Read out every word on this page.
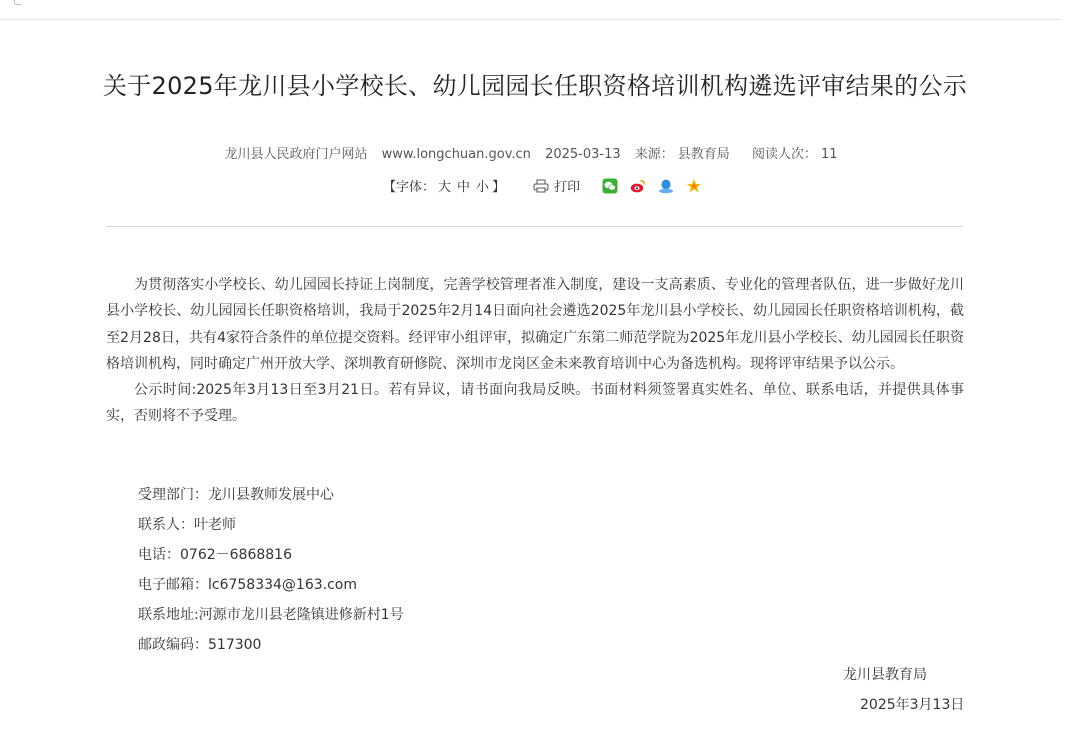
关于2025年龙川县小学校长、幼儿园园长任职资格培训机构遴选评审结果的公示
龙川县人民政府门户网站 www.longchuan.gov.cn 2025-03-13 来源： 县教育局 阅读人次： 11
【字体： 大 中 小 】	打印

为贯彻落实小学校长、幼儿园园长持证上岗制度，完善学校管理者准入制度，建设一支高素质、专业化的管理者队伍，进一步做好龙川县小学校长、幼儿园园长任职资格培训，我局于2025年2月14日面向社会遴选2025年龙川县小学校长、幼儿园园长任职资格培训机构，截至2月28日，共有4家符合条件的单位提交资料。经评审小组评审，拟确定广东第二师范学院为2025年龙川县小学校长、幼儿园园长任职资格培训机构，同时确定广州开放大学、深圳教育研修院、深圳市龙岗区金未来教育培训中心为备选机构。现将评审结果予以公示。

公示时间:2025年3月13日至3月21日。若有异议，请书面向我局反映。书面材料须签署真实姓名、单位、联系电话，并提供具体事实，否则将不予受理。

受理部门：龙川县教师发展中心
联系人：叶老师
电话：0762－6868816
电子邮箱：lc6758334@163.com
联系地址:河源市龙川县老隆镇进修新村1号
邮政编码：517300
龙川县教育局
2025年3月13日
